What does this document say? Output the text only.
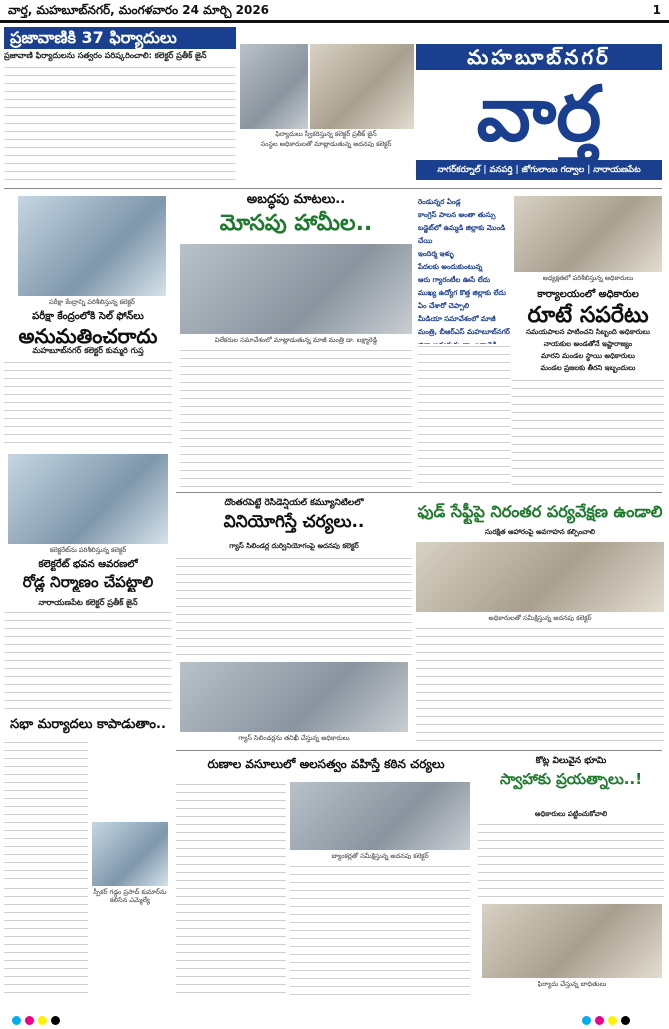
వార్త, మహబూబ్‌నగర్, మంగళవారం 24 మార్చి 2026	1
ప్రజావాణికి 37 ఫిర్యాదులు
ప్రజావాణి ఫిర్యాదులను సత్వరం పరిష్కరించాలి: కలెక్టర్ ప్రతీక్ జైన్
ఫిర్యాదులు స్వీకరిస్తున్న కలెక్టర్ ప్రతీక్ జైన్
సంస్థల అధికారులతో మాట్లాడుతున్న అదనపు కలెక్టర్
మహబూబ్‌నగర్
వార్త
నాగర్‌కర్నూల్ | వనపర్తి | జోగులాంబ గద్వాల | నారాయణపేట
పరీక్షా కేంద్రాన్ని పరిశీలిస్తున్న కలెక్టర్
పరీక్షా కేంద్రంలోకి సెల్ ఫోన్‌లు
అనుమతించరాదు
మహబూబ్‌నగర్ కలెక్టర్ కుమ్మరి గుప్త
అబద్ధపు మాటలు..
మోసపు హామీల..
విలేకరుల సమావేశంలో మాట్లాడుతున్న మాజీ మంత్రి డా. లక్ష్మారెడ్డి
రెండున్నర ఏండ్ల
కాంగ్రెస్ పాలన అంతా తుస్సు
బడ్జెట్‌లో ఉమ్మడి జిల్లాకు మొండి చేయి
ఇందిర్మ ఇళ్ళు
పేదలకు అందుకుంటున్న
ఆరు గ్యారంటీల ఊసే లేదు
ముఖ్య ఉద్యోగ కొత్త జిల్లాకు లేదు
ఏం చేశారో చెప్పాలి
మీడియా సమావేశంలో మాజీ
మంత్రి, బీఆర్ఎస్ మహబూబ్‌నగర్
అధ్యక్షతలో పరిశీలిస్తున్న అధికారులు
కార్యాలయంలో అధికారుల
రూటే సపరేటు
సమయపాలన పాటించని సిబ్బంది అధికారులు
నాయకుల అండతోనే ఇష్టారాజ్యం
మారని మండల స్థాయి అధికారులు
మండల ప్రజలకు తీరని ఇబ్బందులు
కలెక్టరేట్‌ను పరిశీలిస్తున్న కలెక్టర్
కలెక్టరేట్ భవన ఆవరణలో
రోడ్ల నిర్మాణం చేపట్టాలి
నారాయణపేట కలెక్టర్ ప్రతీక్ జైన్
దొంతరపెట్టే రెసిడెన్షియల్ కమ్యూనిటీలలో
వినియోగిస్తే చర్యలు..
గ్యాస్ సిలిండర్ల దుర్వినియోగంపై అదనపు కలెక్టర్
గ్యాస్ సిలిండర్లను తనిఖీ చేస్తున్న అధికారులు
ఫుడ్ సేఫ్టీపై నిరంతర పర్యవేక్షణ ఉండాలి
సురక్షిత ఆహారంపై అవగాహన కల్పించాలి
అధికారులతో సమీక్షిస్తున్న అదనపు కలెక్టర్
సభా మర్యాదలు కాపాడుతాం..
స్పీకర్ గడ్డం ప్రసాద్ కుమార్‌ను కలిసిన ఎమ్మెల్యే
రుణాల వసూలులో అలసత్వం వహిస్తే కఠిన చర్యలు
బ్యాంకర్లతో సమీక్షిస్తున్న అదనపు కలెక్టర్
కోట్ల విలువైన భూమి
స్వాహాకు ప్రయత్నాలు..!
అధికారులు పట్టించుకోవాలి
ఫిర్యాదు చేస్తున్న బాధితులు
